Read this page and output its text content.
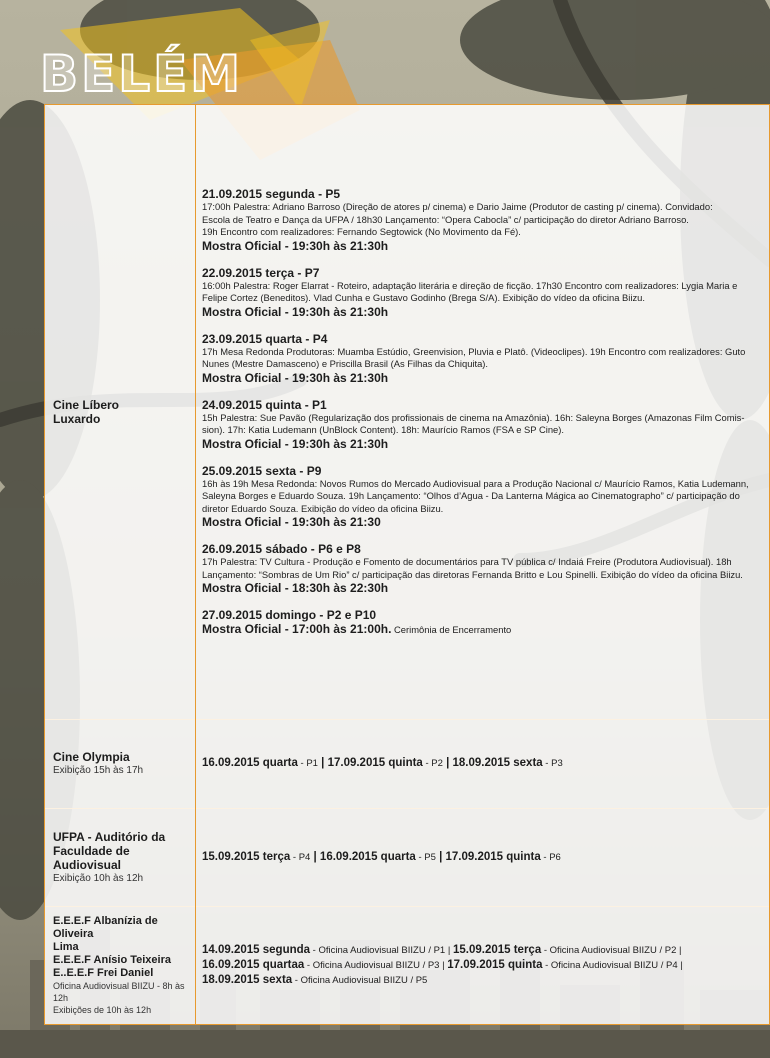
BELÉM
Cine Líbero
Luxardo
21.09.2015 segunda - P5
17:00h Palestra: Adriano Barroso (Direção de atores p/ cinema) e Dario Jaime (Produtor de casting p/ cinema). Convidado:
Escola de Teatro e Dança da UFPA / 18h30 Lançamento: “Opera Cabocla” c/ participação do diretor Adriano Barroso.
19h Encontro com realizadores: Fernando Segtowick (No Movimento da Fé).
Mostra Oficial - 19:30h às 21:30h
22.09.2015 terça - P7
16:00h Palestra: Roger Elarrat - Roteiro, adaptação literária e direção de ficção. 17h30 Encontro com realizadores: Lygia Maria e
Felipe Cortez (Beneditos). Vlad Cunha e Gustavo Godinho (Brega S/A). Exibição do vídeo da oficina Biizu.
Mostra Oficial - 19:30h às 21:30h
23.09.2015 quarta - P4
17h Mesa Redonda Produtoras: Muamba Estúdio, Greenvision, Pluvia e Platô. (Videoclipes). 19h Encontro com realizadores: Guto
Nunes (Mestre Damasceno) e Priscilla Brasil (As Filhas da Chiquita).
Mostra Oficial - 19:30h às 21:30h
24.09.2015 quinta - P1
15h Palestra: Sue Pavão (Regularização dos profissionais de cinema na Amazônia). 16h: Saleyna Borges (Amazonas Film Comis-
sion). 17h: Katia Ludemann (UnBlock Content). 18h: Maurício Ramos (FSA e SP Cine).
Mostra Oficial - 19:30h às 21:30h
25.09.2015 sexta - P9
16h às 19h Mesa Redonda: Novos Rumos do Mercado Audiovisual para a Produção Nacional c/ Maurício Ramos, Katia Ludemann,
Saleyna Borges e Eduardo Souza. 19h Lançamento: “Olhos d’Agua - Da Lanterna Mágica ao Cinematographo” c/ participação do
diretor Eduardo Souza. Exibição do vídeo da oficina Biizu.
Mostra Oficial - 19:30h às 21:30
26.09.2015 sábado - P6 e P8
17h Palestra: TV Cultura - Produção e Fomento de documentários para TV pública c/ Indaiá Freire (Produtora Audiovisual). 18h
Lançamento: “Sombras de Um Rio” c/ participação das diretoras Fernanda Britto e Lou Spinelli. Exibição do vídeo da oficina Biizu.
Mostra Oficial - 18:30h às 22:30h
27.09.2015 domingo - P2 e P10
Mostra Oficial - 17:00h às 21:00h. Cerimônia de Encerramento
Cine Olympia
Exibição 15h às 17h
16.09.2015 quarta - P1 | 17.09.2015 quinta - P2 | 18.09.2015 sexta - P3
UFPA - Auditório da
Faculdade de Audiovisual
Exibição 10h às 12h
15.09.2015 terça - P4 | 16.09.2015 quarta - P5 | 17.09.2015 quinta - P6
E.E.E.F Albanízia de Oliveira
Lima
E.E.E.F Anísio Teixeira
E..E.E.F Frei Daniel
Oficina Audiovisual BIIZU - 8h às 12h
Exibições de 10h às 12h
14.09.2015 segunda - Oficina Audiovisual BIIZU / P1 | 15.09.2015 terça - Oficina Audiovisual BIIZU / P2 |
16.09.2015 quartaa - Oficina Audiovisual BIIZU / P3 | 17.09.2015 quinta - Oficina Audiovisual BIIZU / P4 |
18.09.2015 sexta - Oficina Audiovisual BIIZU / P5
